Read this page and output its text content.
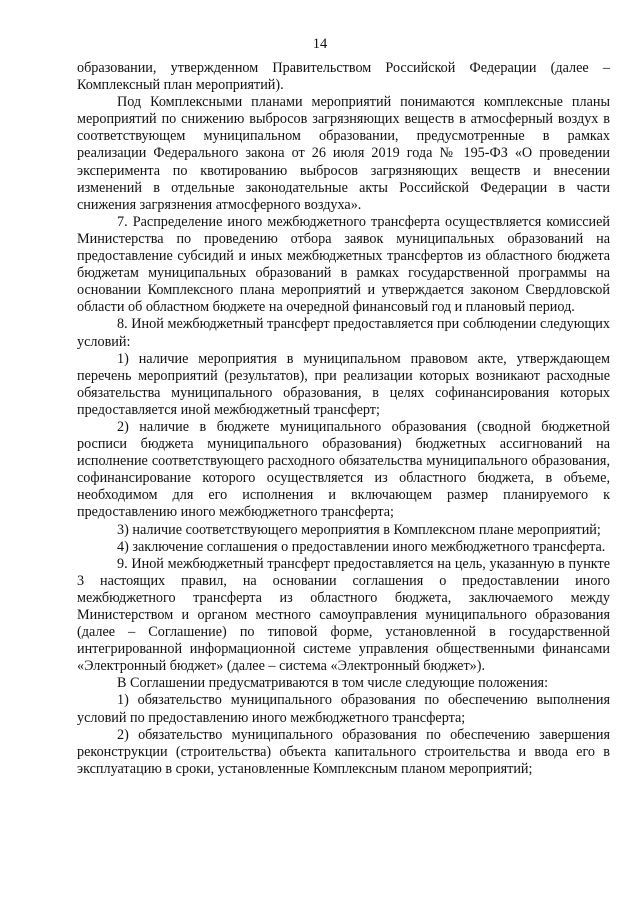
14

образовании, утвержденном Правительством Российской Федерации (далее – Комплексный план мероприятий).

Под Комплексными планами мероприятий понимаются комплексные планы мероприятий по снижению выбросов загрязняющих веществ в атмосферный воздух в соответствующем муниципальном образовании, предусмотренные в рамках реализации Федерального закона от 26 июля 2019 года № 195-ФЗ «О проведении эксперимента по квотированию выбросов загрязняющих веществ и внесении изменений в отдельные законодательные акты Российской Федерации в части снижения загрязнения атмосферного воздуха».

7. Распределение иного межбюджетного трансферта осуществляется комиссией Министерства по проведению отбора заявок муниципальных образований на предоставление субсидий и иных межбюджетных трансфертов из областного бюджета бюджетам муниципальных образований в рамках государственной программы на основании Комплексного плана мероприятий и утверждается законом Свердловской области об областном бюджете на очередной финансовый год и плановый период.

8. Иной межбюджетный трансферт предоставляется при соблюдении следующих условий:

1) наличие мероприятия в муниципальном правовом акте, утверждающем перечень мероприятий (результатов), при реализации которых возникают расходные обязательства муниципального образования, в целях софинансирования которых предоставляется иной межбюджетный трансферт;

2) наличие в бюджете муниципального образования (сводной бюджетной росписи бюджета муниципального образования) бюджетных ассигнований на исполнение соответствующего расходного обязательства муниципального образования, софинансирование которого осуществляется из областного бюджета, в объеме, необходимом для его исполнения и включающем размер планируемого к предоставлению иного межбюджетного трансферта;

3) наличие соответствующего мероприятия в Комплексном плане мероприятий;

4) заключение соглашения о предоставлении иного межбюджетного трансферта.

9. Иной межбюджетный трансферт предоставляется на цель, указанную в пункте 3 настоящих правил, на основании соглашения о предоставлении иного межбюджетного трансферта из областного бюджета, заключаемого между Министерством и органом местного самоуправления муниципального образования (далее – Соглашение) по типовой форме, установленной в государственной интегрированной информационной системе управления общественными финансами «Электронный бюджет» (далее – система «Электронный бюджет»).

В Соглашении предусматриваются в том числе следующие положения:

1) обязательство муниципального образования по обеспечению выполнения условий по предоставлению иного межбюджетного трансферта;

2) обязательство муниципального образования по обеспечению завершения реконструкции (строительства) объекта капитального строительства и ввода его в эксплуатацию в сроки, установленные Комплексным планом мероприятий;
